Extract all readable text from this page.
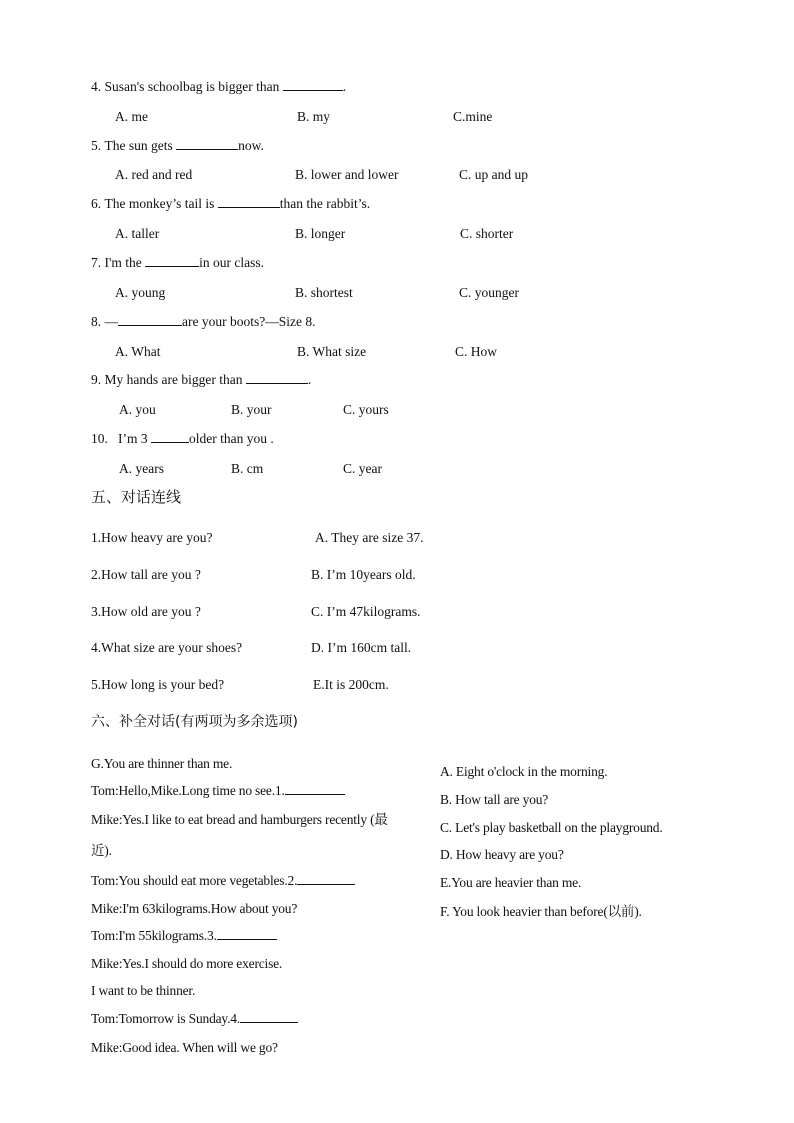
4. Susan's schoolbag is bigger than	.
A. me	B. my	C.mine
5. The sun gets	now.
A. red and red	B. lower and lower	C. up and up
6. The monkey’s tail is	than the rabbit’s.
A. taller	B. longer	C. shorter
7. I'm the	in our class.
A. young	B. shortest	C. younger
8. —	are your boots?—Size 8.
A. What	B. What size	C. How
9. My hands are bigger than	.
A. you	B. your	C. yours
10. I’m 3	older than you .
A. years	B. cm	C. year
五、对话连线
1.How heavy are you?	A. They are size 37.
2.How tall are you ?	B. I’m 10years old.
3.How old are you ?	C. I’m 47kilograms.
4.What size are your shoes?	D. I’m 160cm tall.
5.How long is your bed?	E.It is 200cm.
六、补全对话(有两项为多余选项)
G.You are thinner than me.
Tom:Hello,Mike.Long time no see.1.
Mike:Yes.I like to eat bread and hamburgers recently (最
近).
Tom:You should eat more vegetables.2.
Mike:I'm 63kilograms.How about you?
Tom:I'm 55kilograms.3.
Mike:Yes.I should do more exercise.
I want to be thinner.
Tom:Tomorrow is Sunday.4.
Mike:Good idea. When will we go?
A. Eight o'clock in the morning.
B. How tall are you?
C. Let's play basketball on the playground.
D. How heavy are you?
E.You are heavier than me.
F. You look heavier than before(以前).
